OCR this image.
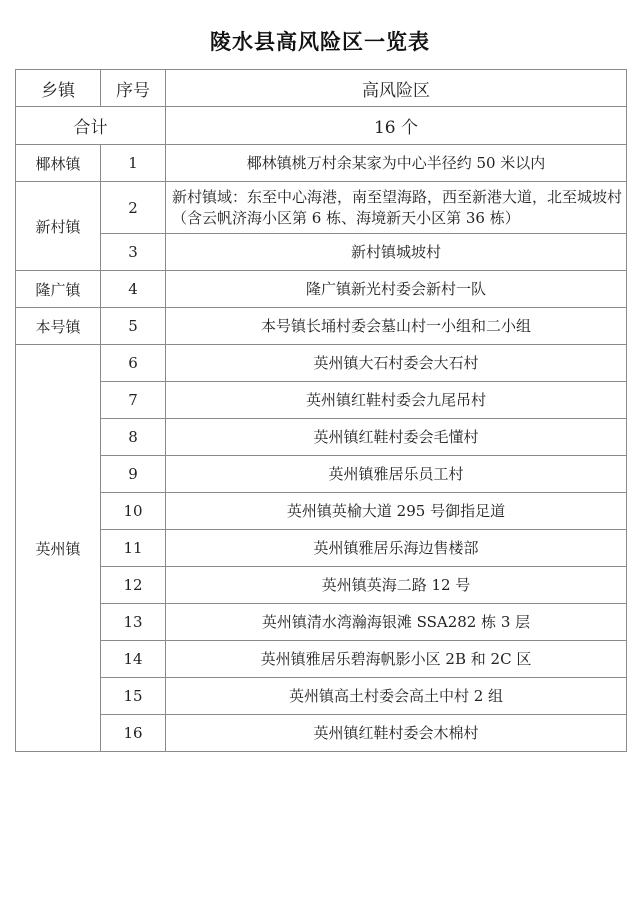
陵水县高风险区一览表
乡镇	序号	高风险区
合计		16 个
椰林镇	1	椰林镇桃万村余某家为中心半径约 50 米以内
新村镇	2	新村镇域：东至中心海港，南至望海路，西至新港大道，北至城坡村（含云帆济海小区第 6 栋、海境新天小区第 36 栋）
	3	新村镇城坡村
隆广镇	4	隆广镇新光村委会新村一队
本号镇	5	本号镇长埇村委会墓山村一小组和二小组
英州镇	6	英州镇大石村委会大石村
	7	英州镇红鞋村委会九尾吊村
	8	英州镇红鞋村委会毛懂村
	9	英州镇雅居乐员工村
	10	英州镇英榆大道 295 号御指足道
	11	英州镇雅居乐海边售楼部
	12	英州镇英海二路 12 号
	13	英州镇清水湾瀚海银滩 SSA282 栋 3 层
	14	英州镇雅居乐碧海帆影小区 2B 和 2C 区
	15	英州镇高土村委会高土中村 2 组
	16	英州镇红鞋村委会木棉村
